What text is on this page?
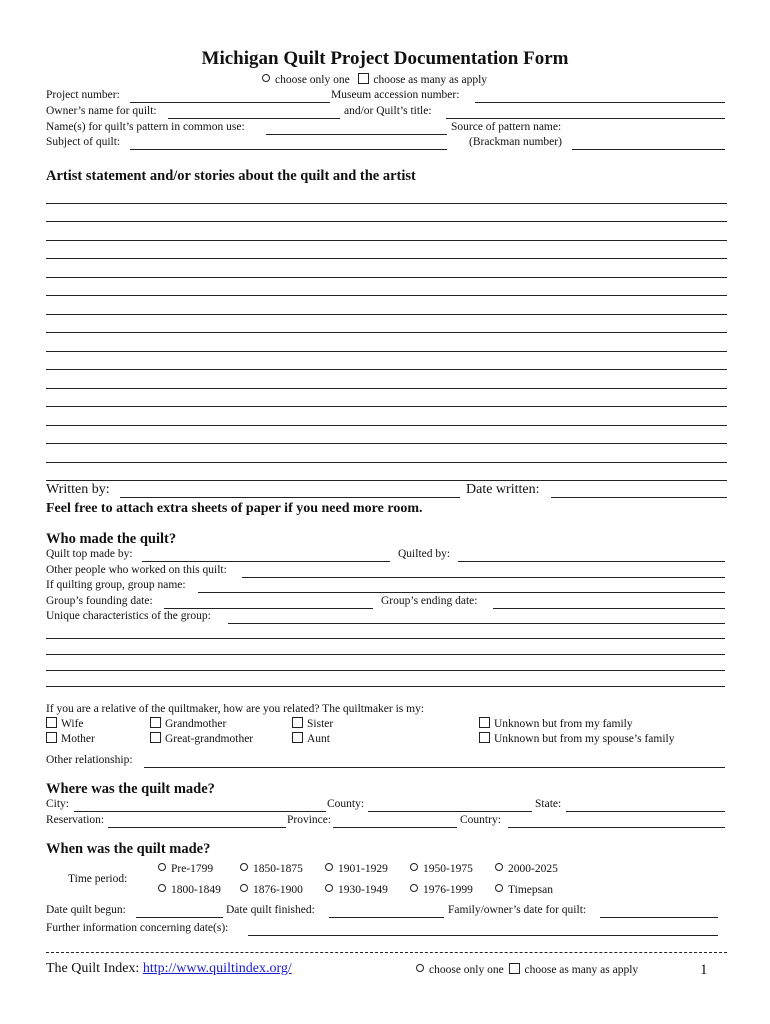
Michigan Quilt Project Documentation Form
choose only one choose as many as apply
Project number:	Museum accession number:
Owner’s name for quilt:	and/or Quilt’s title:
Name(s) for quilt’s pattern in common use:	Source of pattern name:
Subject of quilt:	(Brackman number)
Artist statement and/or stories about the quilt and the artist
Written by:	Date written:
Feel free to attach extra sheets of paper if you need more room.
Who made the quilt?
Quilt top made by:	Quilted by:
Other people who worked on this quilt:
If quilting group, group name:
Group’s founding date:	Group’s ending date:
Unique characteristics of the group:
If you are a relative of the quiltmaker, how are you related? The quiltmaker is my:
Wife	Grandmother	Sister	Unknown but from my family
Mother	Great-grandmother	Aunt	Unknown but from my spouse’s family
Other relationship:
Where was the quilt made?
City:	County:	State:
Reservation:	Province:	Country:
When was the quilt made?
Time period:
Pre-1799	1850-1875	1901-1929	1950-1975	2000-2025
1800-1849	1876-1900	1930-1949	1976-1999	Timepsan
Date quilt begun:	Date quilt finished:	Family/owner’s date for quilt:
Further information concerning date(s):
The Quilt Index: http://www.quiltindex.org/	choose only one choose as many as apply	1
